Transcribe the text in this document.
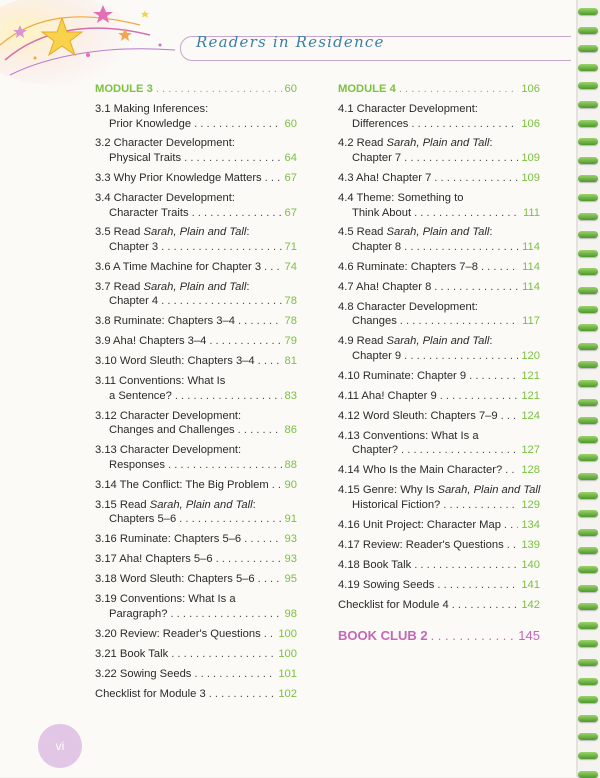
Readers in Residence
MODULE 3 . . .	60
3.1 Making Inferences:
Prior Knowledge . . .	60
3.2 Character Development:
Physical Traits . . .	64
3.3 Why Prior Knowledge Matters . . . 67
3.4 Character Development:
Character Traits . . .	67
3.5 Read Sarah, Plain and Tall:
Chapter 3 . . .	71
3.6 A Time Machine for Chapter 3 . . . 74
3.7 Read Sarah, Plain and Tall:
Chapter 4 . . .	78
3.8 Ruminate: Chapters 3–4 . . .	78
3.9 Aha! Chapters 3–4 . . .	79
3.10 Word Sleuth: Chapters 3–4 . . .	81
3.11 Conventions: What Is
a Sentence? . . .	83
3.12 Character Development:
Changes and Challenges . . .	86
3.13 Character Development:
Responses . . .	88
3.14 The Conflict: The Big Problem . . . 90
3.15 Read Sarah, Plain and Tall:
Chapters 5–6 . . .	91
3.16 Ruminate: Chapters 5–6 . . .	93
3.17 Aha! Chapters 5–6 . . .	93
3.18 Word Sleuth: Chapters 5–6 . . .	95
3.19 Conventions: What Is a
Paragraph? . . .	98
3.20 Review: Reader's Questions . . . 100
3.21 Book Talk . . .	100
3.22 Sowing Seeds . . .	101
Checklist for Module 3 . . .	102
MODULE 4 . . .	106
4.1 Character Development:
Differences . . .	106
4.2 Read Sarah, Plain and Tall:
Chapter 7 . . .	109
4.3 Aha! Chapter 7 . . .	109
4.4 Theme: Something to
Think About . . .	111
4.5 Read Sarah, Plain and Tall:
Chapter 8 . . .	114
4.6 Ruminate: Chapters 7–8 . . .	114
4.7 Aha! Chapter 8 . . .	114
4.8 Character Development:
Changes . . .	117
4.9 Read Sarah, Plain and Tall:
Chapter 9 . . .	120
4.10 Ruminate: Chapter 9 . . .	121
4.11 Aha! Chapter 9 . . .	121
4.12 Word Sleuth: Chapters 7–9 . . . 124
4.13 Conventions: What Is a
Chapter? . . .	127
4.14 Who Is the Main Character? . . . 128
4.15 Genre: Why Is Sarah, Plain and Tall
Historical Fiction? . . .	129
4.16 Unit Project: Character Map . . . 134
4.17 Review: Reader's Questions . . . 139
4.18 Book Talk . . .	140
4.19 Sowing Seeds . . .	141
Checklist for Module 4 . . .	142
BOOK CLUB 2 . . .	145
vi
